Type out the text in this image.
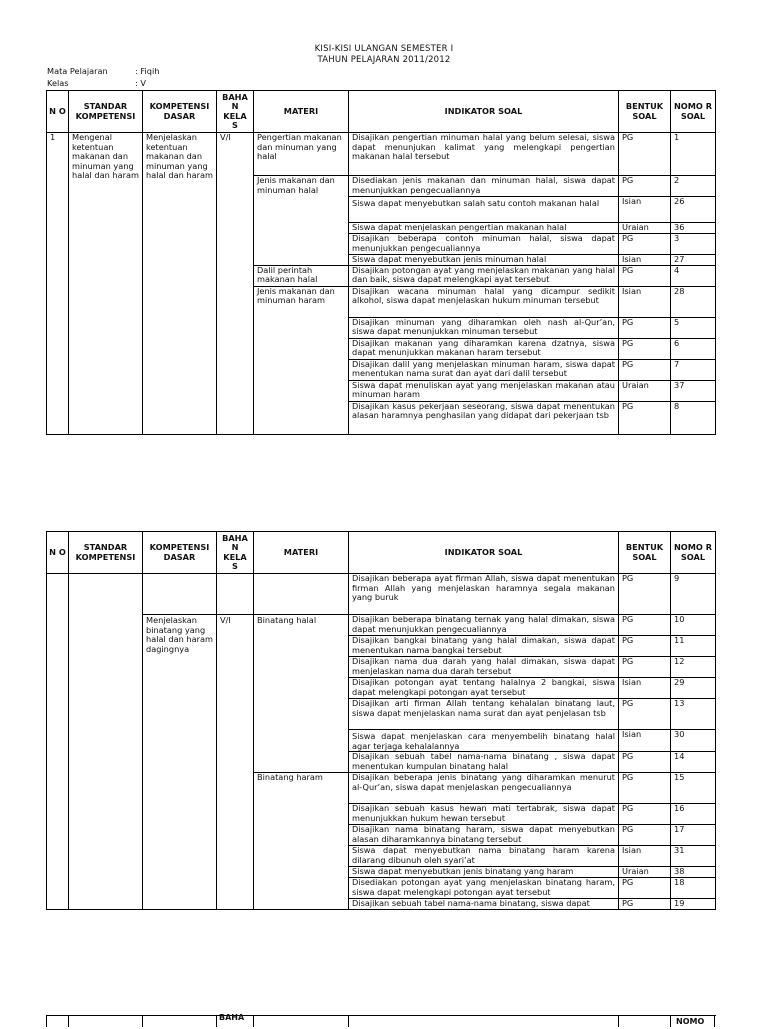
KISI-KISI ULANGAN SEMESTER I
TAHUN PELAJARAN 2011/2012
Mata Pelajaran	: Fiqih
Kelas	: V
N O	STANDAR KOMPETENSI	KOMPETENSI DASAR	BAHA N KELA S	MATERI	INDIKATOR SOAL	BENTUK SOAL	NOMO R SOAL
1	Mengenal ketentuan makanan dan minuman yang halal dan haram	Menjelaskan ketentuan makanan dan minuman yang halal dan haram	V/I	Pengertian makanan dan minuman yang halal	Disajikan pengertian minuman halal yang belum selesai, siswa dapat menunjukan kalimat yang melengkapi pengertian makanan halal tersebut	PG	1
				Jenis makanan dan minuman halal	Disediakan jenis makanan dan minuman halal, siswa dapat menunjukkan pengecualiannya	PG	2
					Siswa dapat menyebutkan salah satu contoh makanan halal	Isian	26
					Siswa dapat menjelaskan pengertian makanan halal	Uraian	36
					Disajikan beberapa contoh minuman halal, siswa dapat menunjukkan pengecualiannya	PG	3
					Siswa dapat menyebutkan jenis minuman halal	Isian	27
				Dalil perintah makanan halal	Disajikan potongan ayat yang menjelaskan makanan yang halal dan baik, siswa dapat melengkapi ayat tersebut	PG	4
				Jenis makanan dan minuman haram	Disajikan wacana minuman halal yang dicampur sedikit alkohol, siswa dapat menjelaskan hukum minuman tersebut	Isian	28
					Disajikan minuman yang diharamkan oleh nash al-Qur’an, siswa dapat menunjukkan minuman tersebut	PG	5
					Disajikan makanan yang diharamkan karena dzatnya, siswa dapat menunjukkan makanan haram tersebut	PG	6
					Disajikan dalil yang menjelaskan minuman haram, siswa dapat menentukan nama surat dan ayat dari dalil tersebut	PG	7
					Siswa dapat menuliskan ayat yang menjelaskan makanan atau minuman haram	Uraian	37
					Disajikan kasus pekerjaan seseorang, siswa dapat menentukan alasan haramnya penghasilan yang didapat dari pekerjaan tsb	PG	8
N O	STANDAR KOMPETENSI	KOMPETENSI DASAR	BAHA N KELA S	MATERI	INDIKATOR SOAL	BENTUK SOAL	NOMO R SOAL
					Disajikan beberapa ayat firman Allah, siswa dapat menentukan firman Allah yang menjelaskan haramnya segala makanan yang buruk	PG	9
		Menjelaskan binatang yang halal dan haram dagingnya	V/I	Binatang halal	Disajikan beberapa binatang ternak yang halal dimakan, siswa dapat menunjukkan pengecualiannya	PG	10
					Disajikan bangkai binatang yang halal dimakan, siswa dapat menentukan nama bangkai tersebut	PG	11
					Disajikan nama dua darah yang halal dimakan, siswa dapat menjelaskan nama dua darah tersebut	PG	12
					Disajikan potongan ayat tentang halalnya 2 bangkai, siswa dapat melengkapi potongan ayat tersebut	Isian	29
					Disajikan arti firman Allah tentang kehalalan binatang laut, siswa dapat menjelaskan nama surat dan ayat penjelasan tsb	PG	13
					Siswa dapat menjelaskan cara menyembelih binatang halal agar terjaga kehalalannya	Isian	30
					Disajikan sebuah tabel nama-nama binatang , siswa dapat menentukan kumpulan binatang halal	PG	14
				Binatang haram	Disajikan beberapa jenis binatang yang diharamkan menurut al-Qur’an, siswa dapat menjelaskan pengecualiannya	PG	15
					Disajikan sebuah kasus hewan mati tertabrak, siswa dapat menunjukkan hukum hewan tersebut	PG	16
					Disajikan nama binatang haram, siswa dapat menyebutkan alasan diharamkannya binatang tersebut	PG	17
					Siswa dapat menyebutkan nama binatang haram karena dilarang dibunuh oleh syari’at	Isian	31
					Siswa dapat menyebutkan jenis binatang yang haram	Uraian	38
					Disediakan potongan ayat yang menjelaskan binatang haram, siswa dapat melengkapi potongan ayat tersebut	PG	18
					Disajikan sebuah tabel nama-nama binatang, siswa dapat	PG	19
BAHA	NOMO
